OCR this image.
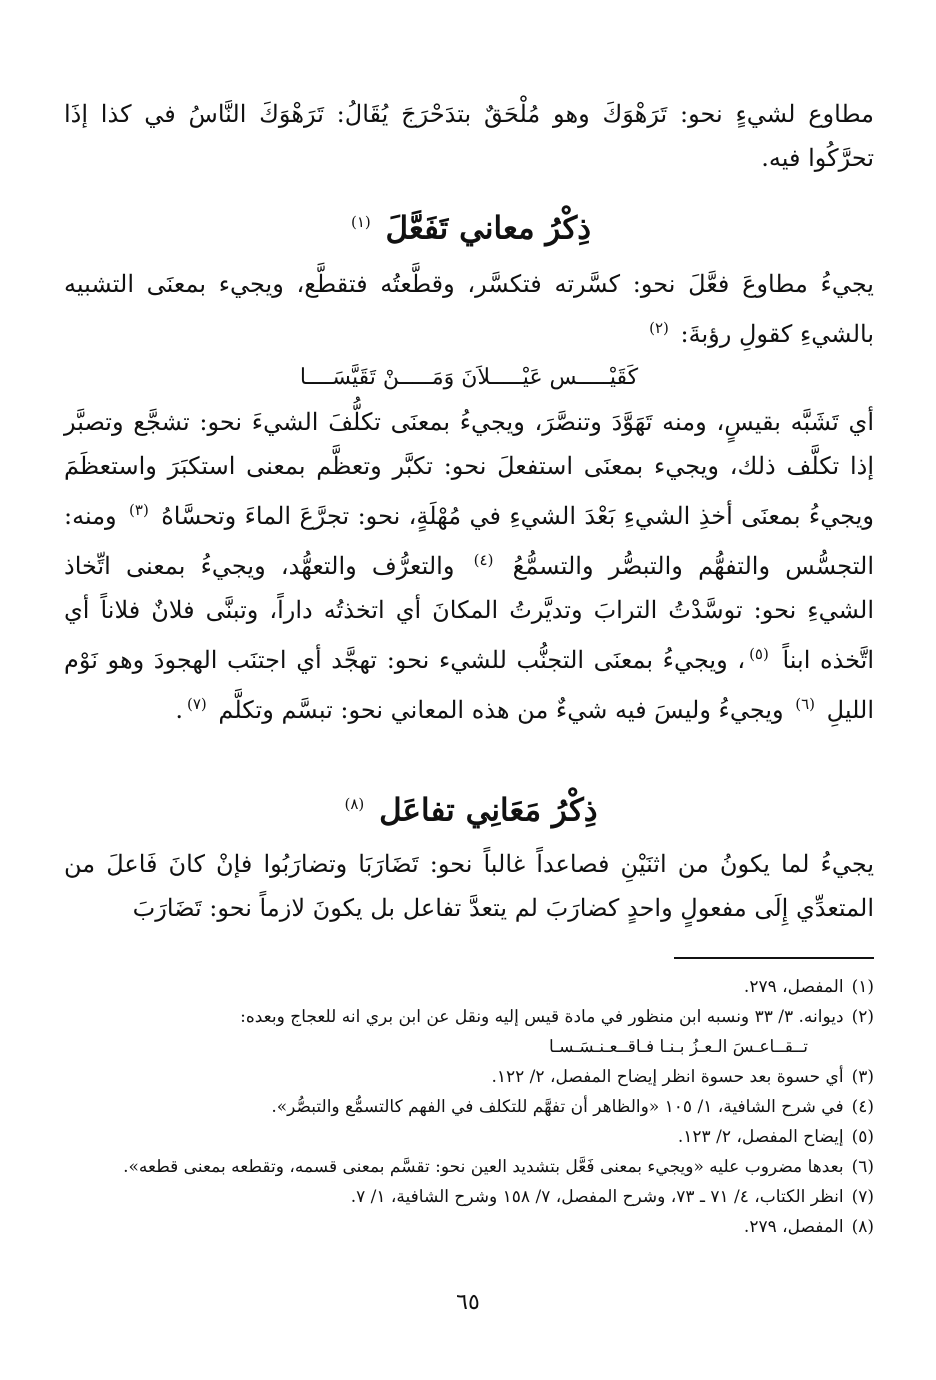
مطاوع لشيءٍ نحو: تَرَهْوَكَ وهو مُلْحَقٌ بتدَحْرَجَ يُقَالُ: تَرَهْوَكَ النَّاسُ في كذا إذَا تحرَّكُوا فيه.
ذِكْرُ معاني تَفَعَّلَ $^{(١)}$
يجيءُ مطاوعَ فعَّلَ نحو: كسَّرته فتكسَّر، وقطَّعتُه فتقطَّع، ويجيء بمعنَى التشبيه بالشيءِ كقولِ رؤبةَ: $^{(٢)}$
كَقَيْـــــس عَيْـــــلاَنَ وَمَـــــنْ تَقَيَّسَــــا
أي تَشَبَّه بقيسٍ، ومنه تَهَوَّدَ وتنصَّرَ، ويجيءُ بمعنَى تكلُّفَ الشيءَ نحو: تشجَّع وتصبَّر إذا تكلَّف ذلك، ويجيء بمعنَى استفعلَ نحو: تكبَّر وتعظَّم بمعنى استكبَرَ واستعظَمَ ويجيءُ بمعنَى أخذِ الشيءِ بَعْدَ الشيءِ في مُهْلَةٍ، نحو: تجرَّعَ الماءَ وتحسَّاهُ $^{(٣)}$ ومنه: التجسُّس والتفهُّم والتبصُّر والتسمُّعُ $^{(٤)}$ والتعرُّف والتعهُّد، ويجيءُ بمعنى اتِّخاذ الشيءِ نحو: توسَّدْتُ الترابَ وتديَّرتُ المكانَ أي اتخذتُه داراً، وتبنَّى فلانٌ فلاناً أي اتَّخذه ابناً $^{(٥)}$، ويجيءُ بمعنَى التجنُّب للشيء نحو: تهجَّد أي اجتنَب الهجودَ وهو نَوْم الليلِ $^{(٦)}$ ويجيءُ وليسَ فيه شيءٌ من هذه المعاني نحو: تبسَّم وتكلَّم $^{(٧)}$.
ذِكْرُ مَعَانِي تفاعَل $^{(٨)}$
يجيءُ لما يكونُ من اثنَيْنِ فصاعداً غالباً نحو: تَضَارَبَا وتضارَبُوا فإنْ كانَ فَاعلَ من المتعدِّي إِلَى مفعولٍ واحدٍ كضارَبَ لم يتعدَّ تفاعل بل يكونَ لازماً نحو: تَضَارَبَ
(١)المفصل، ٢٧٩.
(٢)ديوانه. ٣/ ٣٣ ونسبه ابن منظور في مادة قيس إليه ونقل عن ابن بري انه للعجاج وبعده:
تــقــاعـسَ الـعـزُ بـنـا فـاقــعـنـسَـسـا
(٣)أي حسوة بعد حسوة انظر إيضاح المفصل، ٢/ ١٢٢.
(٤)في شرح الشافية، ١/ ١٠٥ «والظاهر أن تفهَّم للتكلف في الفهم كالتسمُّع والتبصُّر».
(٥)إيضاح المفصل، ٢/ ١٢٣.
(٦)بعدها مضروب عليه «ويجيء بمعنى فَعَّل بتشديد العين نحو: تقسَّم بمعنى قسمه، وتقطعه بمعنى قطعه».
(٧)انظر الكتاب، ٤/ ٧١ ـ ٧٣، وشرح المفصل، ٧/ ١٥٨ وشرح الشافية، ١/ ٧.
(٨)المفصل، ٢٧٩.
٦٥
